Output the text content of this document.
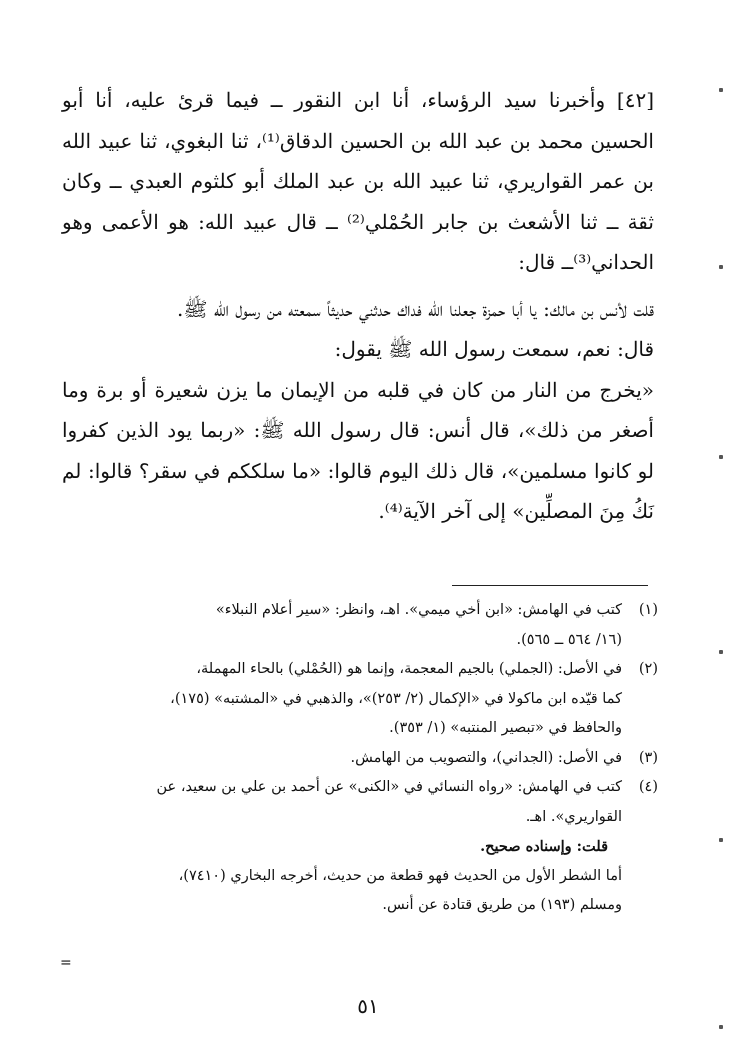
[٤٢] وأخبرنا سيد الرؤساء، أنا ابن النقور ــ فيما قرئ عليه، أنا أبو الحسين محمد بن عبد الله بن الحسين الدقاق⁽¹⁾، ثنا البغوي، ثنا عبيد الله بن عمر القواريري، ثنا عبيد الله بن عبد الملك أبو كلثوم العبدي ــ وكان ثقة ــ ثنا الأشعث بن جابر الحُمْلي⁽²⁾ ــ قال عبيد الله: هو الأعمى وهو الحداني⁽³⁾ــ قال:

قلت لأنس بن مالك: يا أبا حمزة جعلنا الله فداك حدثني حديثاً سمعته من رسول الله ﷺ.

قال: نعم، سمعت رسول الله ﷺ يقول:

«يخرج من النار من كان في قلبه من الإيمان ما يزن شعيرة أو برة وما أصغر من ذلك»، قال أنس: قال رسول الله ﷺ: «ربما يود الذين كفروا لو كانوا مسلمين»، قال ذلك اليوم قالوا: «ما سلككم في سقر؟ قالوا: لم نَكُ مِنَ المصلِّين» إلى آخر الآية⁽⁴⁾.

(١)
كتب في الهامش: «ابن أخي ميمي». اهـ، وانظر: «سير أعلام النبلاء»
(١٦/ ٥٦٤ ــ ٥٦٥).
(٢)
في الأصل: (الجملي) بالجيم المعجمة، وإنما هو (الحُمْلي) بالحاء المهملة،
كما قيّده ابن ماكولا في «الإكمال (٢/ ٢٥٣)»، والذهبي في «المشتبه» (١٧٥)،
والحافظ في «تبصير المنتبه» (١/ ٣٥٣).
(٣)
في الأصل: (الجداني)، والتصويب من الهامش.
(٤)
كتب في الهامش: «رواه النسائي في «الكنى» عن أحمد بن علي بن سعيد، عن
القواريري». اهـ.
قلت: وإسناده صحيح.
أما الشطر الأول من الحديث فهو قطعة من حديث، أخرجه البخاري (٧٤١٠)،
ومسلم (١٩٣) من طريق قتادة عن أنس.
=
٥١
